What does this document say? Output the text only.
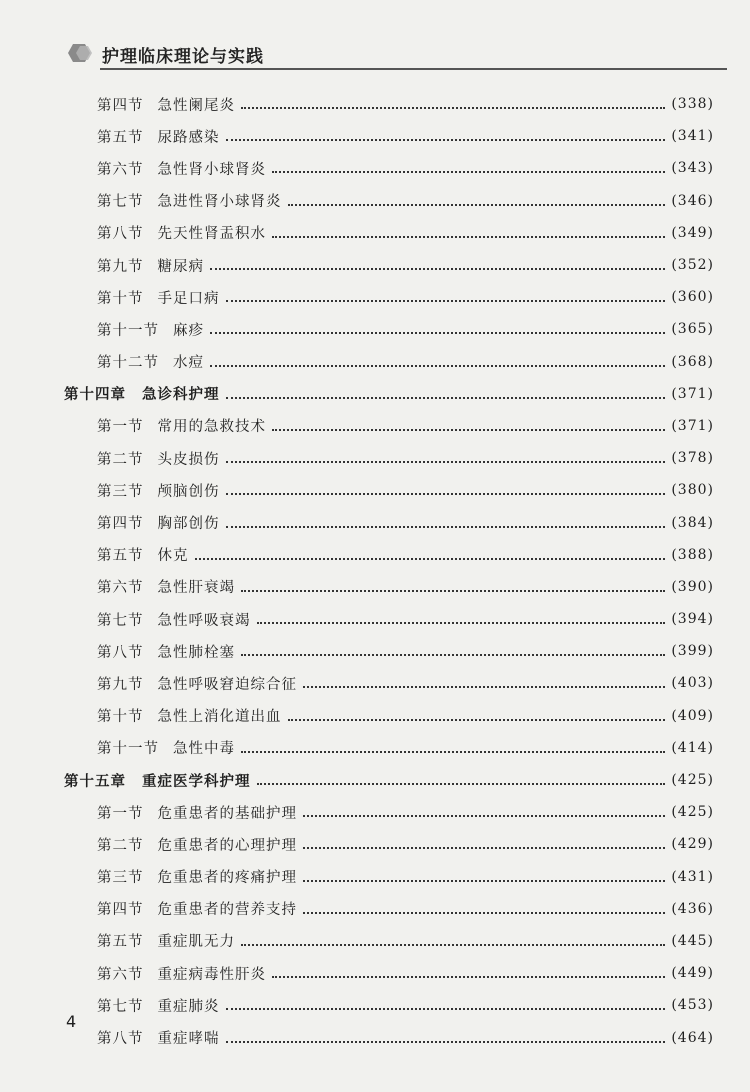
护理临床理论与实践
第四节 急性阑尾炎	(338)
第五节 尿路感染	(341)
第六节 急性肾小球肾炎	(343)
第七节 急进性肾小球肾炎	(346)
第八节 先天性肾盂积水	(349)
第九节 糖尿病	(352)
第十节 手足口病	(360)
第十一节 麻疹	(365)
第十二节 水痘	(368)
第十四章 急诊科护理	(371)
第一节 常用的急救技术	(371)
第二节 头皮损伤	(378)
第三节 颅脑创伤	(380)
第四节 胸部创伤	(384)
第五节 休克	(388)
第六节 急性肝衰竭	(390)
第七节 急性呼吸衰竭	(394)
第八节 急性肺栓塞	(399)
第九节 急性呼吸窘迫综合征	(403)
第十节 急性上消化道出血	(409)
第十一节 急性中毒	(414)
第十五章 重症医学科护理	(425)
第一节 危重患者的基础护理	(425)
第二节 危重患者的心理护理	(429)
第三节 危重患者的疼痛护理	(431)
第四节 危重患者的营养支持	(436)
第五节 重症肌无力	(445)
第六节 重症病毒性肝炎	(449)
第七节 重症肺炎	(453)
第八节 重症哮喘	(464)
4
